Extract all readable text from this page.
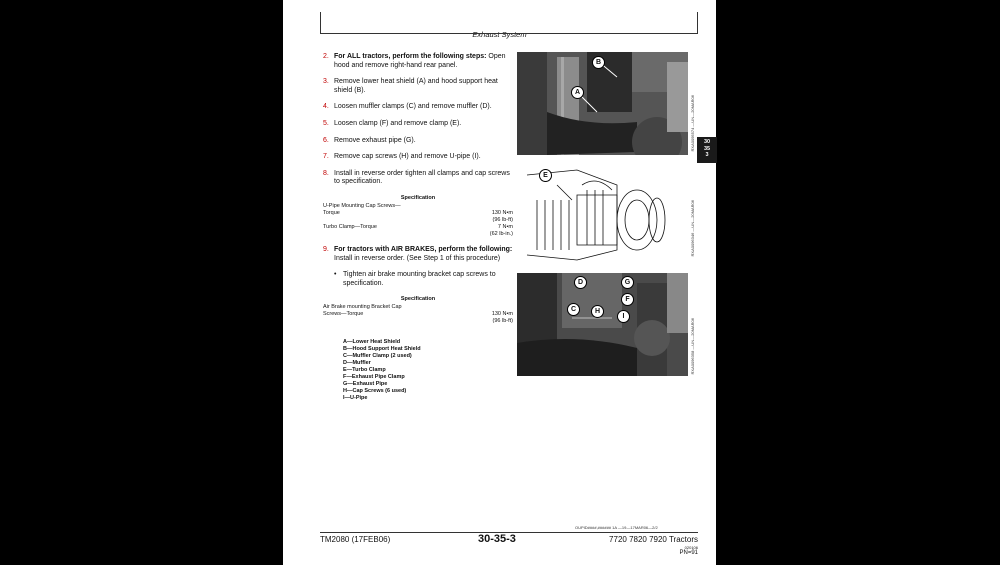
Exhaust System
2. For ALL tractors, perform the following steps: Open hood and remove right-hand rear panel.
3. Remove lower heat shield (A) and hood support heat shield (B).
4. Loosen muffler clamps (C) and remove muffler (D).
5. Loosen clamp (F) and remove clamp (E).
6. Remove exhaust pipe (G).
7. Remove cap screws (H) and remove U-pipe (I).
8. Install in reverse order tighten all clamps and cap screws to specification.
Specification
U-Pipe Mounting Cap Screws—
Torque	130 N•m
(96 lb-ft)
Turbo Clamp—Torque	7 N•m
(62 lb-in.)
9. For tractors with AIR BRAKES, perform the following: Install in reverse order. (See Step 1 of this procedure)
• Tighten air brake mounting bracket cap screws to specification.
Specification
Air Brake mounting Bracket Cap
Screws—Torque	130 N•m
(96 lb-ft)
A—Lower Heat Shield
B—Hood Support Heat Shield
C—Muffler Clamp (2 used)
D—Muffler
E—Turbo Clamp
F—Exhaust Pipe Clamp
G—Exhaust Pipe
H—Cap Screws (6 used)
I—U-Pipe
B
A
RXA0095574 —UN—20MAR06
E
RXA0096346 —UN—20MAR06
D	G
F
C	H
I
RXA0096358 —UN—20MAR06
OUPID####,###### 1A —19—17MAR06—2/2
TM2080 (17FEB06)	30-35-3	7720 7820 7920 Tractors
020106
PN=91
30
35
3
